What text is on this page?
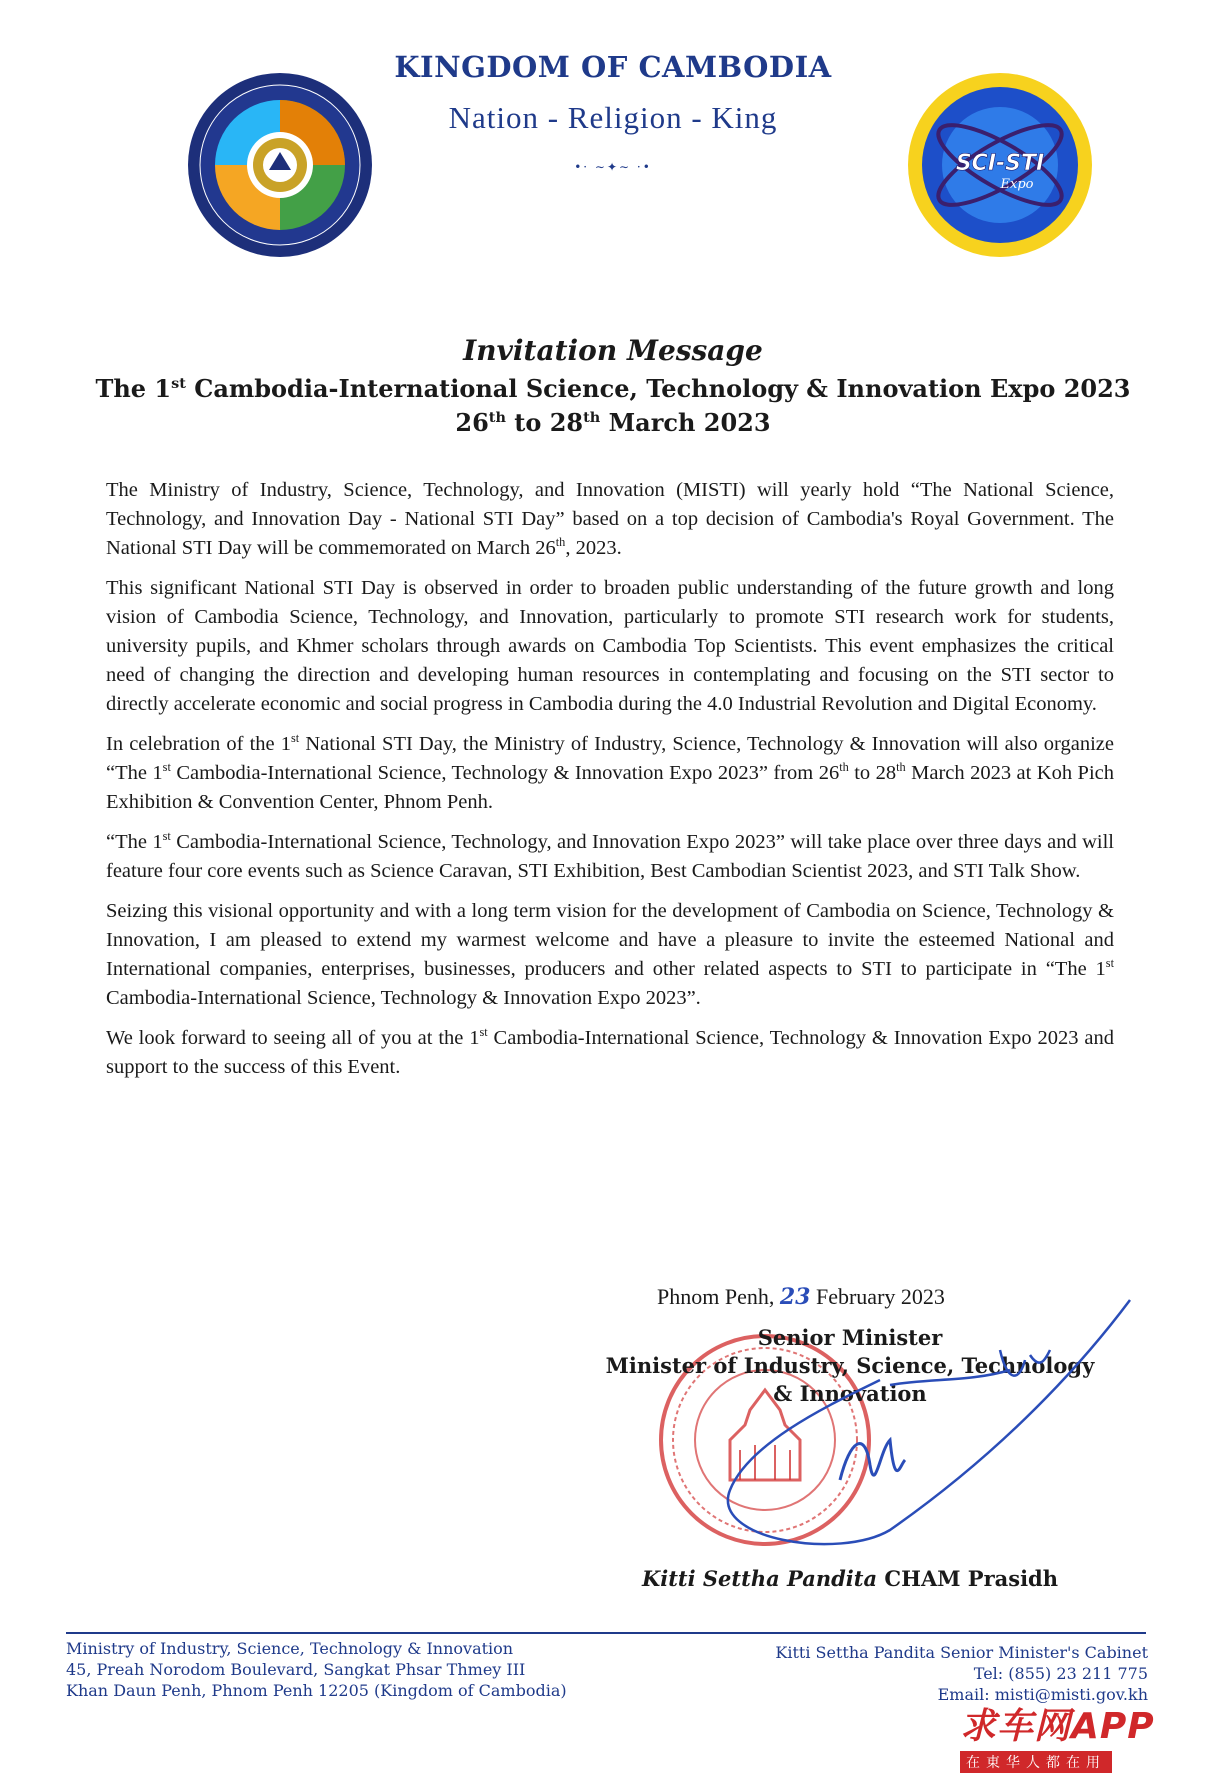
SCI-STI
Expo
KINGDOM OF CAMBODIA
Nation - Religion - King
•· ∼✦∼ ·•
Invitation Message
The 1st Cambodia-International Science, Technology & Innovation Expo 2023
26th to 28th March 2023

The Ministry of Industry, Science, Technology, and Innovation (MISTI) will yearly hold “The National Science, Technology, and Innovation Day - National STI Day” based on a top decision of Cambodia's Royal Government. The National STI Day will be commemorated on March 26th, 2023.

This significant National STI Day is observed in order to broaden public understanding of the future growth and long vision of Cambodia Science, Technology, and Innovation, particularly to promote STI research work for students, university pupils, and Khmer scholars through awards on Cambodia Top Scientists. This event emphasizes the critical need of changing the direction and developing human resources in contemplating and focusing on the STI sector to directly accelerate economic and social progress in Cambodia during the 4.0 Industrial Revolution and Digital Economy.

In celebration of the 1st National STI Day, the Ministry of Industry, Science, Technology & Innovation will also organize “The 1st Cambodia-International Science, Technology & Innovation Expo 2023” from 26th to 28th March 2023 at Koh Pich Exhibition & Convention Center, Phnom Penh.

“The 1st Cambodia-International Science, Technology, and Innovation Expo 2023” will take place over three days and will feature four core events such as Science Caravan, STI Exhibition, Best Cambodian Scientist 2023, and STI Talk Show.

Seizing this visional opportunity and with a long term vision for the development of Cambodia on Science, Technology & Innovation, I am pleased to extend my warmest welcome and have a pleasure to invite the esteemed National and International companies, enterprises, businesses, producers and other related aspects to STI to participate in “The 1st Cambodia-International Science, Technology & Innovation Expo 2023”.

We look forward to seeing all of you at the 1st Cambodia-International Science, Technology & Innovation Expo 2023 and support to the success of this Event.

Phnom Penh, 23 February 2023
Senior Minister
Minister of Industry, Science, Technology
& Innovation
Kitti Settha Pandita CHAM Prasidh
Ministry of Industry, Science, Technology & Innovation
45, Preah Norodom Boulevard, Sangkat Phsar Thmey III
Khan Daun Penh, Phnom Penh 12205 (Kingdom of Cambodia)
Kitti Settha Pandita Senior Minister's Cabinet
Tel: (855) 23 211 775
Email: misti@misti.gov.kh
求车网APP
在東华人都在用
